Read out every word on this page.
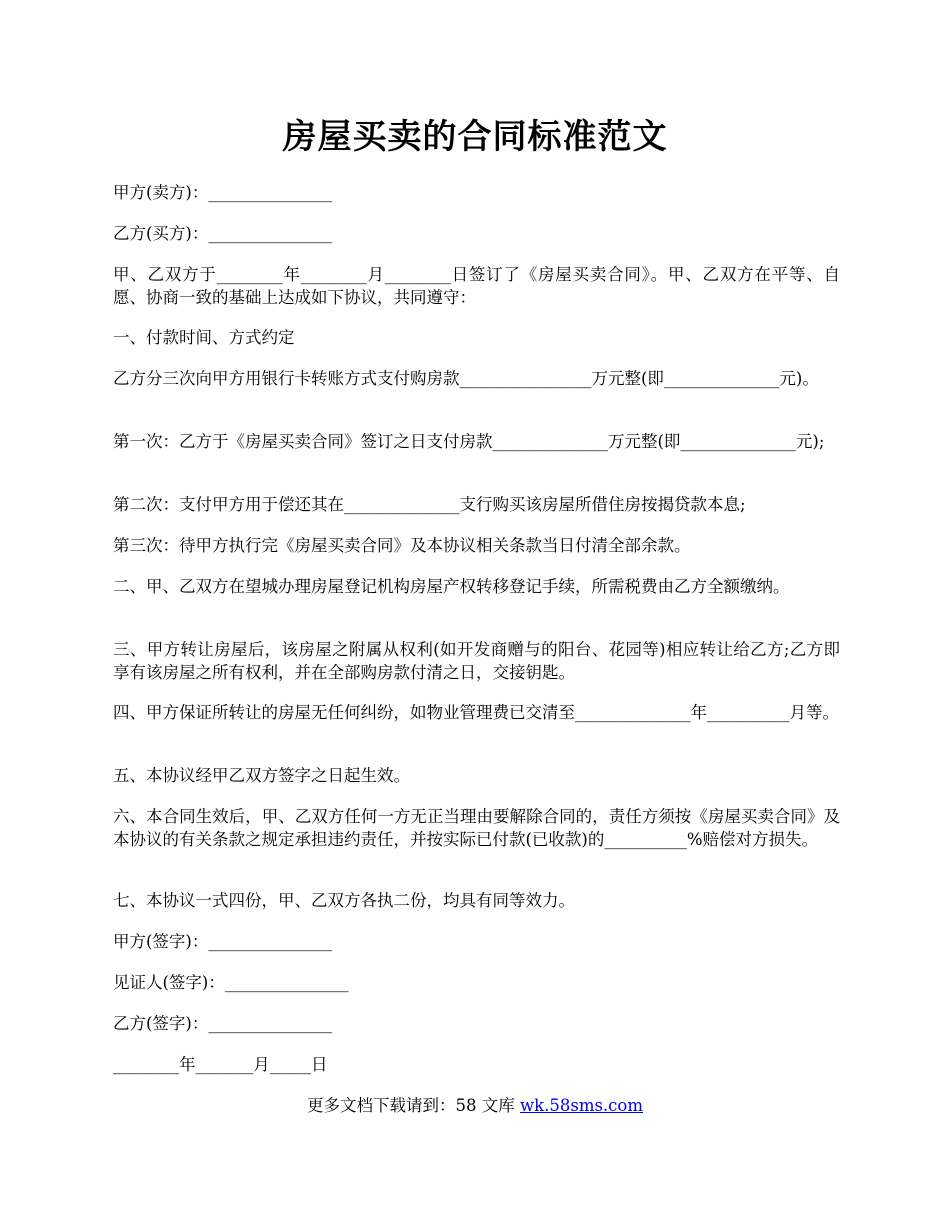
房屋买卖的合同标准范文

甲方(卖方)：_______________

乙方(买方)：_______________

甲、乙双方于________年________月________日签订了《房屋买卖合同》。甲、乙双方在平等、自愿、协商一致的基础上达成如下协议，共同遵守：

一、付款时间、方式约定

乙方分三次向甲方用银行卡转账方式支付购房款________________万元整(即______________元)。

第一次：乙方于《房屋买卖合同》签订之日支付房款______________万元整(即______________元);

第二次：支付甲方用于偿还其在______________支行购买该房屋所借住房按揭贷款本息;

第三次：待甲方执行完《房屋买卖合同》及本协议相关条款当日付清全部余款。

二、甲、乙双方在望城办理房屋登记机构房屋产权转移登记手续，所需税费由乙方全额缴纳。

三、甲方转让房屋后，该房屋之附属从权利(如开发商赠与的阳台、花园等)相应转让给乙方;乙方即享有该房屋之所有权利，并在全部购房款付清之日，交接钥匙。

四、甲方保证所转让的房屋无任何纠纷，如物业管理费已交清至______________年__________月等。

五、本协议经甲乙双方签字之日起生效。

六、本合同生效后，甲、乙双方任何一方无正当理由要解除合同的，责任方须按《房屋买卖合同》及本协议的有关条款之规定承担违约责任，并按实际已付款(已收款)的__________%赔偿对方损失。

七、本协议一式四份，甲、乙双方各执二份，均具有同等效力。

甲方(签字)：_______________

见证人(签字)：_______________

乙方(签字)：_______________

________年_______月_____日

更多文档下载请到：58 文库 wk.58sms.com
